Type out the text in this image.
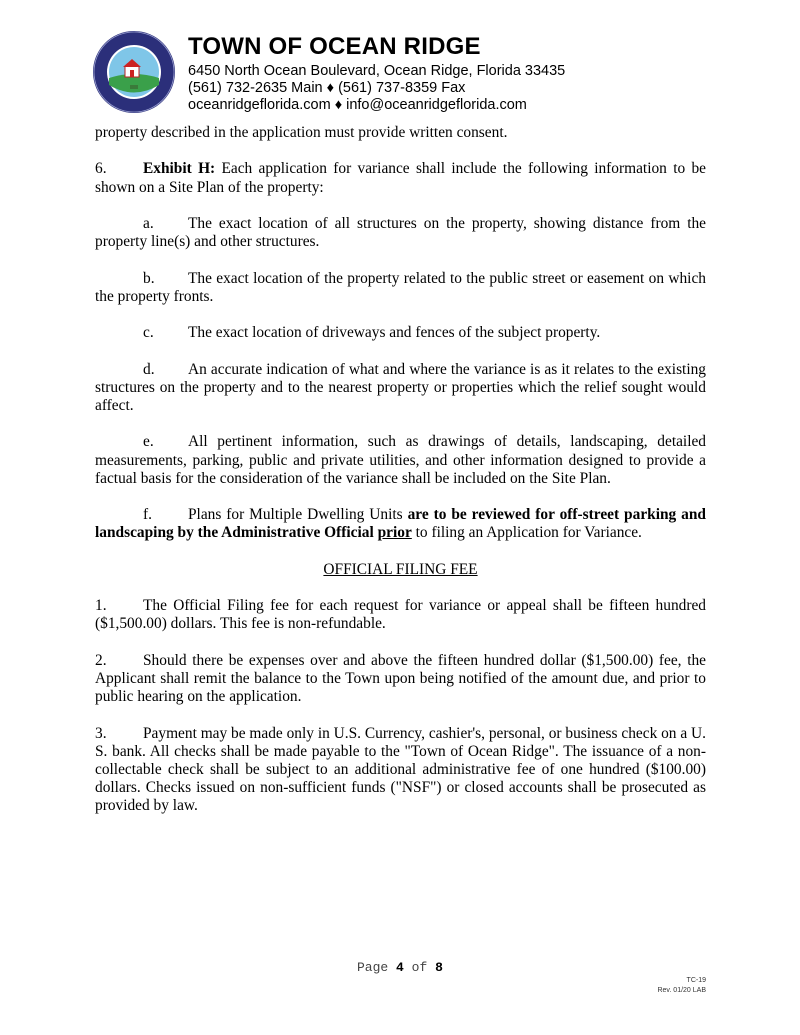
TOWN OF OCEAN RIDGE
6450 North Ocean Boulevard, Ocean Ridge, Florida 33435
(561) 732-2635 Main ♦ (561) 737-8359 Fax
oceanridgeflorida.com ♦ info@oceanridgeflorida.com
property described in the application must provide written consent.
6. Exhibit H: Each application for variance shall include the following information to be shown on a Site Plan of the property:
a. The exact location of all structures on the property, showing distance from the property line(s) and other structures.
b. The exact location of the property related to the public street or easement on which the property fronts.
c. The exact location of driveways and fences of the subject property.
d. An accurate indication of what and where the variance is as it relates to the existing structures on the property and to the nearest property or properties which the relief sought would affect.
e. All pertinent information, such as drawings of details, landscaping, detailed measurements, parking, public and private utilities, and other information designed to provide a factual basis for the consideration of the variance shall be included on the Site Plan.
f. Plans for Multiple Dwelling Units are to be reviewed for off-street parking and landscaping by the Administrative Official prior to filing an Application for Variance.
OFFICIAL FILING FEE
1. The Official Filing fee for each request for variance or appeal shall be fifteen hundred ($1,500.00) dollars. This fee is non-refundable.
2. Should there be expenses over and above the fifteen hundred dollar ($1,500.00) fee, the Applicant shall remit the balance to the Town upon being notified of the amount due, and prior to public hearing on the application.
3. Payment may be made only in U.S. Currency, cashier's, personal, or business check on a U. S. bank. All checks shall be made payable to the "Town of Ocean Ridge". The issuance of a non-collectable check shall be subject to an additional administrative fee of one hundred ($100.00) dollars. Checks issued on non-sufficient funds ("NSF") or closed accounts shall be prosecuted as provided by law.
Page 4 of 8
TC-19
Rev. 01/20 LAB
